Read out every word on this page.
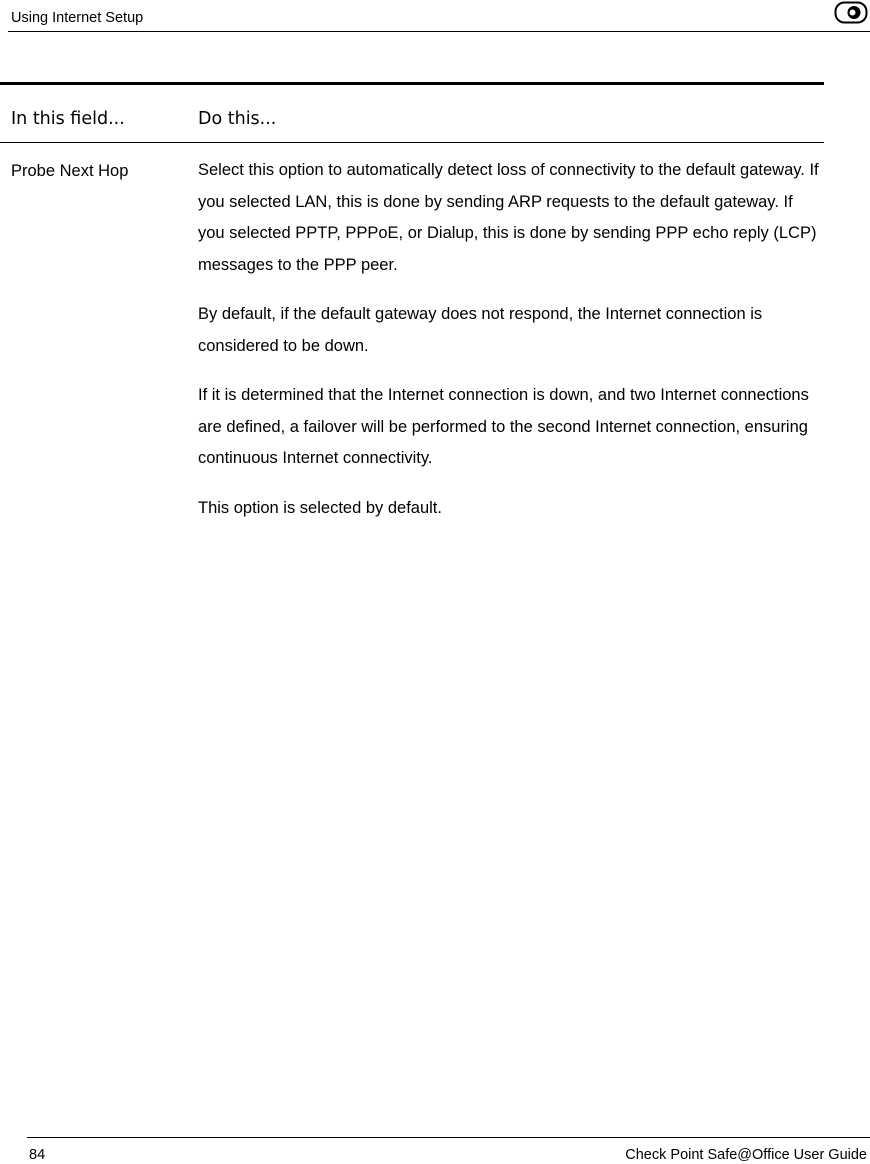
Using Internet Setup
In this field...	Do this...
Probe Next Hop	Select this option to automatically detect loss of connectivity to the default gateway. If you selected LAN, this is done by sending ARP requests to the default gateway. If you selected PPTP, PPPoE, or Dialup, this is done by sending PPP echo reply (LCP) messages to the PPP peer.

By default, if the default gateway does not respond, the Internet connection is considered to be down.

If it is determined that the Internet connection is down, and two Internet connections are defined, a failover will be performed to the second Internet connection, ensuring continuous Internet connectivity.

This option is selected by default.

84	Check Point Safe@Office User Guide
